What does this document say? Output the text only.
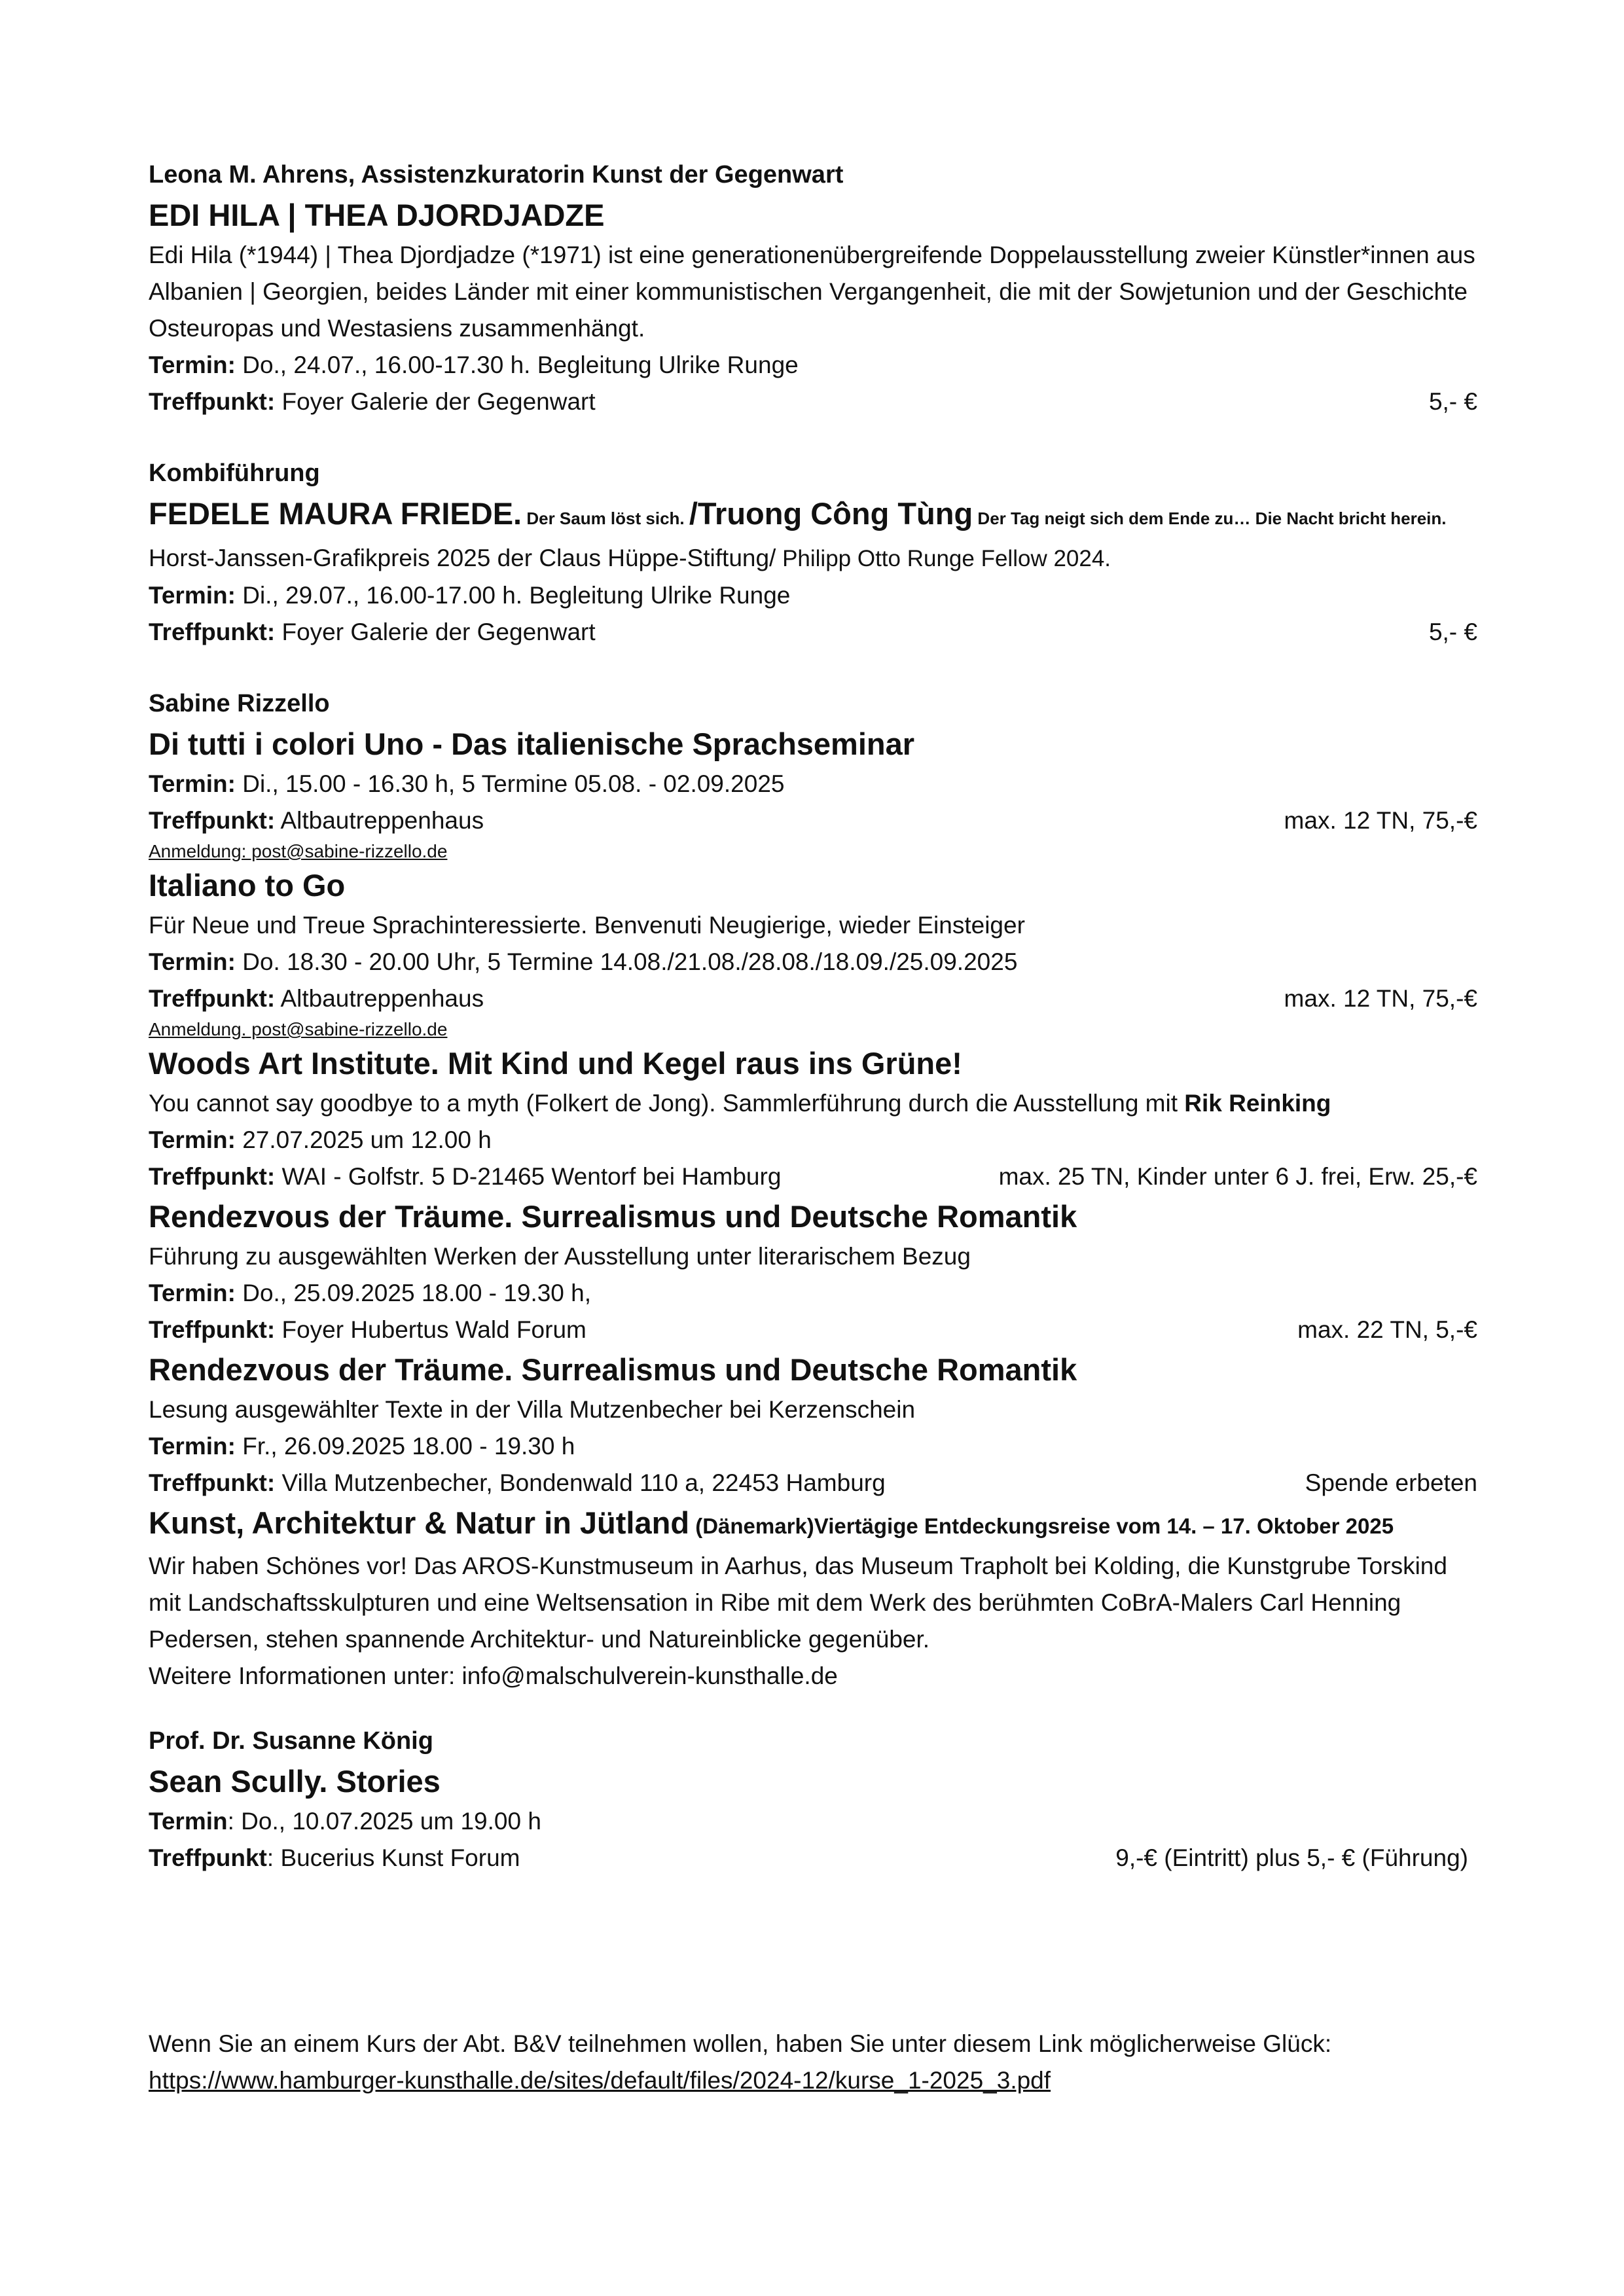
Leona M. Ahrens, Assistenzkuratorin Kunst der Gegenwart
EDI HILA | THEA DJORDJADZE
Edi Hila (*1944) | Thea Djordjadze (*1971) ist eine generationenübergreifende Doppelausstellung zweier Künstler*innen aus Albanien | Georgien, beides Länder mit einer kommunistischen Vergangenheit, die mit der Sowjetunion und der Geschichte Osteuropas und Westasiens zusammenhängt.
Termin: Do., 24.07., 16.00-17.30 h. Begleitung Ulrike Runge
Treffpunkt: Foyer Galerie der Gegenwart	5,- €
Kombiführung
FEDELE MAURA FRIEDE. Der Saum löst sich. /Truong Công Tùng Der Tag neigt sich dem Ende zu… Die Nacht bricht herein.
Horst-Janssen-Grafikpreis 2025 der Claus Hüppe-Stiftung/ Philipp Otto Runge Fellow 2024.
Termin: Di., 29.07., 16.00-17.00 h. Begleitung Ulrike Runge
Treffpunkt: Foyer Galerie der Gegenwart	5,- €
Sabine Rizzello
Di tutti i colori Uno - Das italienische Sprachseminar
Termin: Di., 15.00 - 16.30 h, 5 Termine 05.08. - 02.09.2025
Treffpunkt: Altbautreppenhaus	max. 12 TN, 75,-€
Anmeldung: post@sabine-rizzello.de
Italiano to Go
Für Neue und Treue Sprachinteressierte. Benvenuti Neugierige, wieder Einsteiger
Termin: Do. 18.30 - 20.00 Uhr, 5 Termine 14.08./21.08./28.08./18.09./25.09.2025
Treffpunkt: Altbautreppenhaus	max. 12 TN, 75,-€
Anmeldung. post@sabine-rizzello.de
Woods Art Institute. Mit Kind und Kegel raus ins Grüne!
You cannot say goodbye to a myth (Folkert de Jong). Sammlerführung durch die Ausstellung mit Rik Reinking
Termin: 27.07.2025 um 12.00 h
Treffpunkt: WAI - Golfstr. 5 D-21465 Wentorf bei Hamburg	max. 25 TN, Kinder unter 6 J. frei, Erw. 25,-€
Rendezvous der Träume. Surrealismus und Deutsche Romantik
Führung zu ausgewählten Werken der Ausstellung unter literarischem Bezug
Termin: Do., 25.09.2025 18.00 - 19.30 h,
Treffpunkt: Foyer Hubertus Wald Forum	max. 22 TN, 5,-€
Rendezvous der Träume. Surrealismus und Deutsche Romantik
Lesung ausgewählter Texte in der Villa Mutzenbecher bei Kerzenschein
Termin: Fr., 26.09.2025 18.00 - 19.30 h
Treffpunkt: Villa Mutzenbecher, Bondenwald 110 a, 22453 Hamburg	Spende erbeten
Kunst, Architektur & Natur in Jütland (Dänemark)Viertägige Entdeckungsreise vom 14. – 17. Oktober 2025
Wir haben Schönes vor! Das AROS-Kunstmuseum in Aarhus, das Museum Trapholt bei Kolding, die Kunstgrube Torskind mit Landschaftsskulpturen und eine Weltsensation in Ribe mit dem Werk des berühmten CoBrA-Malers Carl Henning Pedersen, stehen spannende Architektur- und Natureinblicke gegenüber.
Weitere Informationen unter: info@malschulverein-kunsthalle.de
Prof. Dr. Susanne König
Sean Scully. Stories
Termin: Do., 10.07.2025 um 19.00 h
Treffpunkt: Bucerius Kunst Forum	9,-€ (Eintritt) plus 5,- € (Führung)
Wenn Sie an einem Kurs der Abt. B&V teilnehmen wollen, haben Sie unter diesem Link möglicherweise Glück:
https://www.hamburger-kunsthalle.de/sites/default/files/2024-12/kurse_1-2025_3.pdf
